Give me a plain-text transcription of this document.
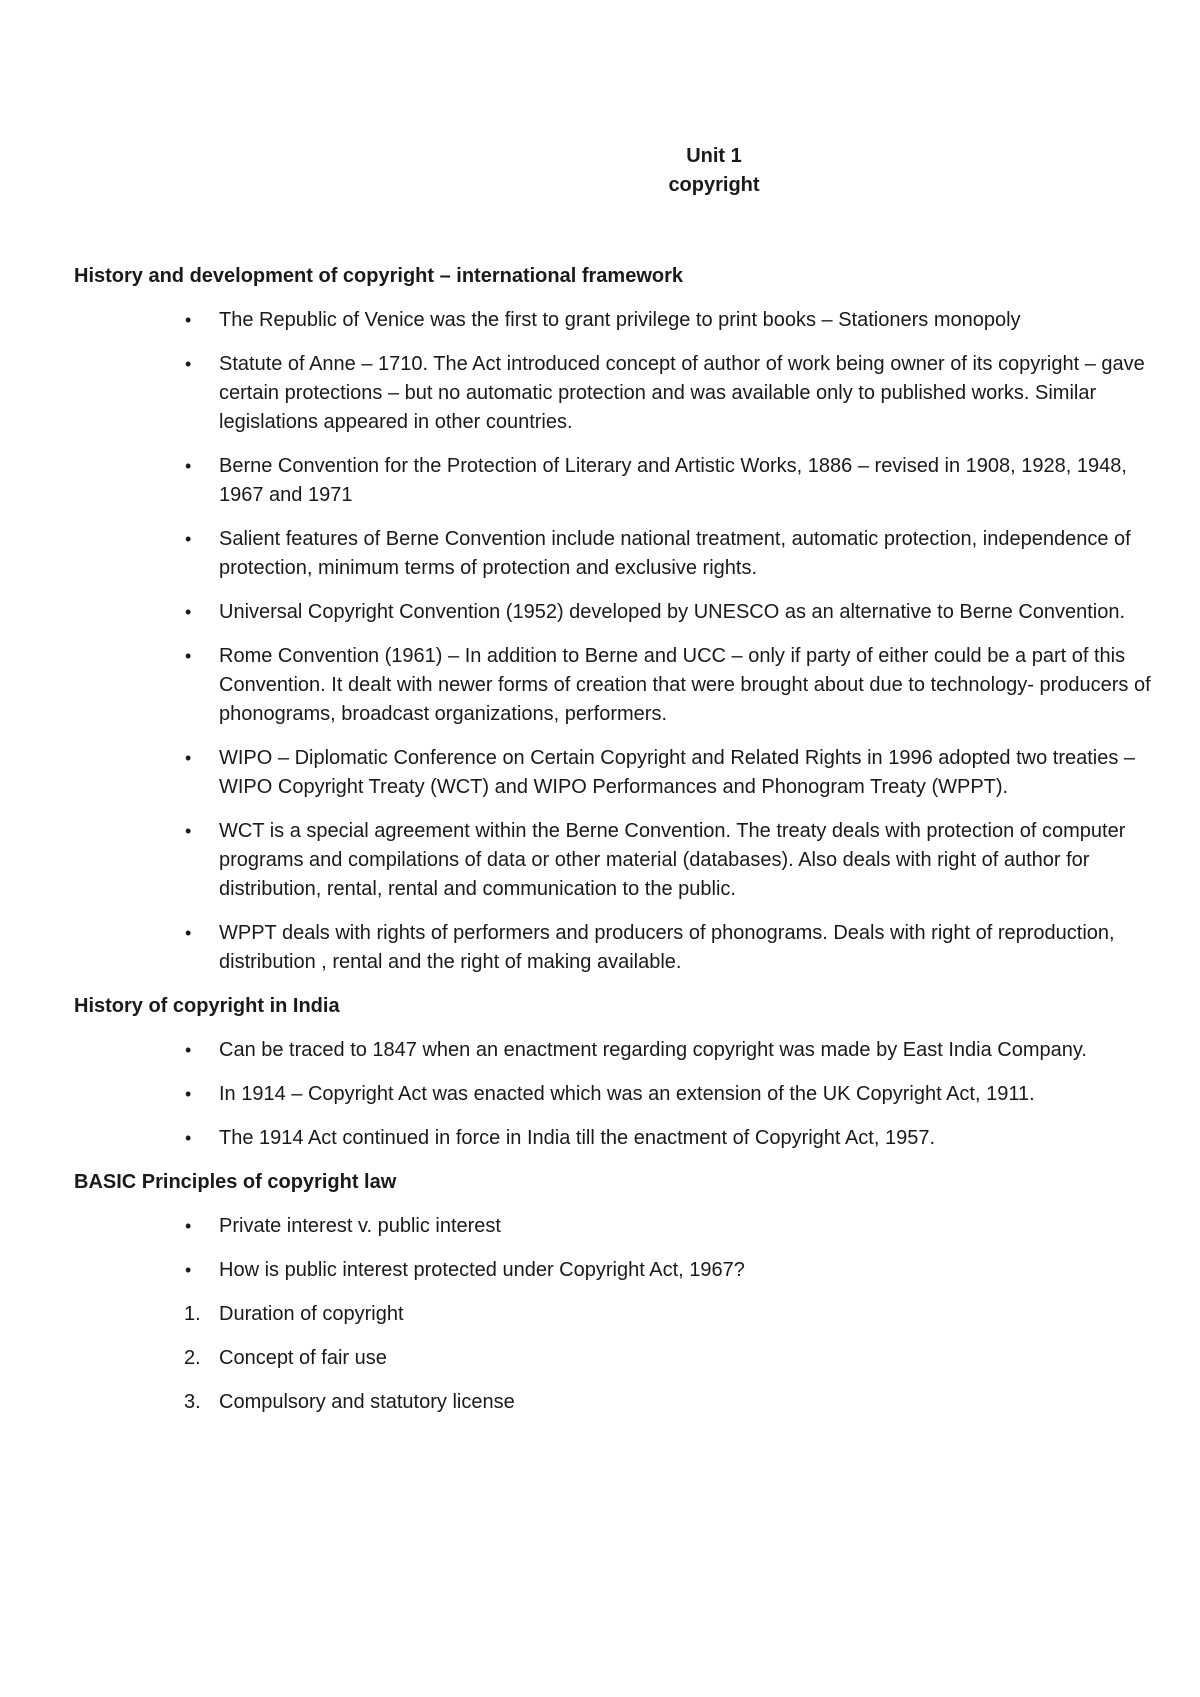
Unit 1
copyright
History and development of copyright – international framework
•	The Republic of Venice was the first to grant privilege to print books – Stationers monopoly
•	Statute of Anne – 1710. The Act introduced concept of author of work being owner of its copyright – gave certain protections – but no automatic protection and was available only to published works. Similar legislations appeared in other countries.
•	Berne Convention for the Protection of Literary and Artistic Works, 1886 – revised in 1908, 1928, 1948, 1967 and 1971
•	Salient features of Berne Convention include national treatment, automatic protection, independence of protection, minimum terms of protection and exclusive rights.
•	Universal Copyright Convention (1952) developed by UNESCO as an alternative to Berne Convention.
•	Rome Convention (1961) – In addition to Berne and UCC – only if party of either could be a part of this Convention. It dealt with newer forms of creation that were brought about due to technology- producers of phonograms, broadcast organizations, performers.
•	WIPO – Diplomatic Conference on Certain Copyright and Related Rights in 1996 adopted two treaties – WIPO Copyright Treaty (WCT) and WIPO Performances and Phonogram Treaty (WPPT).
•	WCT is a special agreement within the Berne Convention. The treaty deals with protection of computer programs and compilations of data or other material (databases). Also deals with right of author for distribution, rental, rental and communication to the public.
•	WPPT deals with rights of performers and producers of phonograms. Deals with right of reproduction, distribution , rental and the right of making available.
History of copyright in India
•	Can be traced to 1847 when an enactment regarding copyright was made by East India Company.
•	In 1914 – Copyright Act was enacted which was an extension of the UK Copyright Act, 1911.
•	The 1914 Act continued in force in India till the enactment of Copyright Act, 1957.
BASIC Principles of copyright law
•	Private interest v. public interest
•	How is public interest protected under Copyright Act, 1967?
1. Duration of copyright
2. Concept of fair use
3. Compulsory and statutory license
